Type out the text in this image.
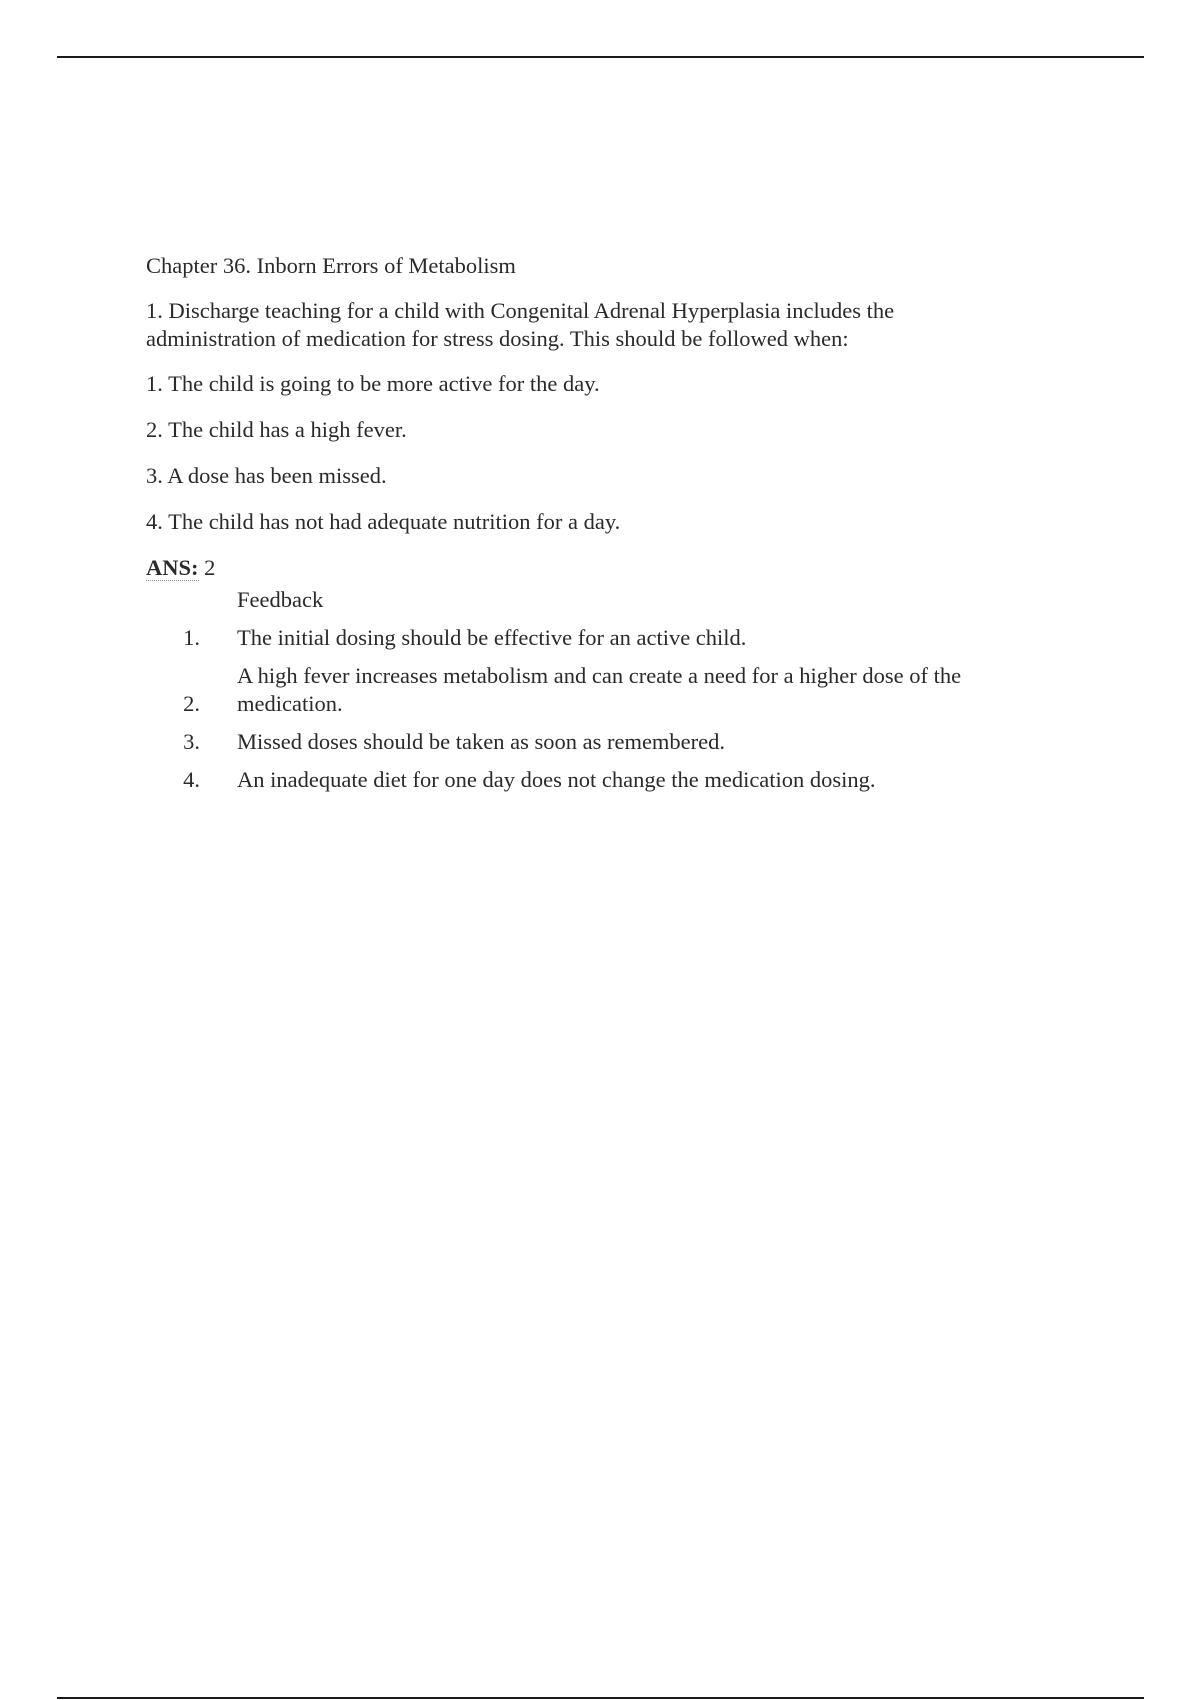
Chapter 36. Inborn Errors of Metabolism

1. Discharge teaching for a child with Congenital Adrenal Hyperplasia includes the administration of medication for stress dosing. This should be followed when:

1. The child is going to be more active for the day.

2. The child has a high fever.

3. A dose has been missed.

4. The child has not had adequate nutrition for a day.

ANS: 2

	Feedback
1.	The initial dosing should be effective for an active child.
2.	A high fever increases metabolism and can create a need for a higher dose of the medication.
3.	Missed doses should be taken as soon as remembered.
4.	An inadequate diet for one day does not change the medication dosing.
